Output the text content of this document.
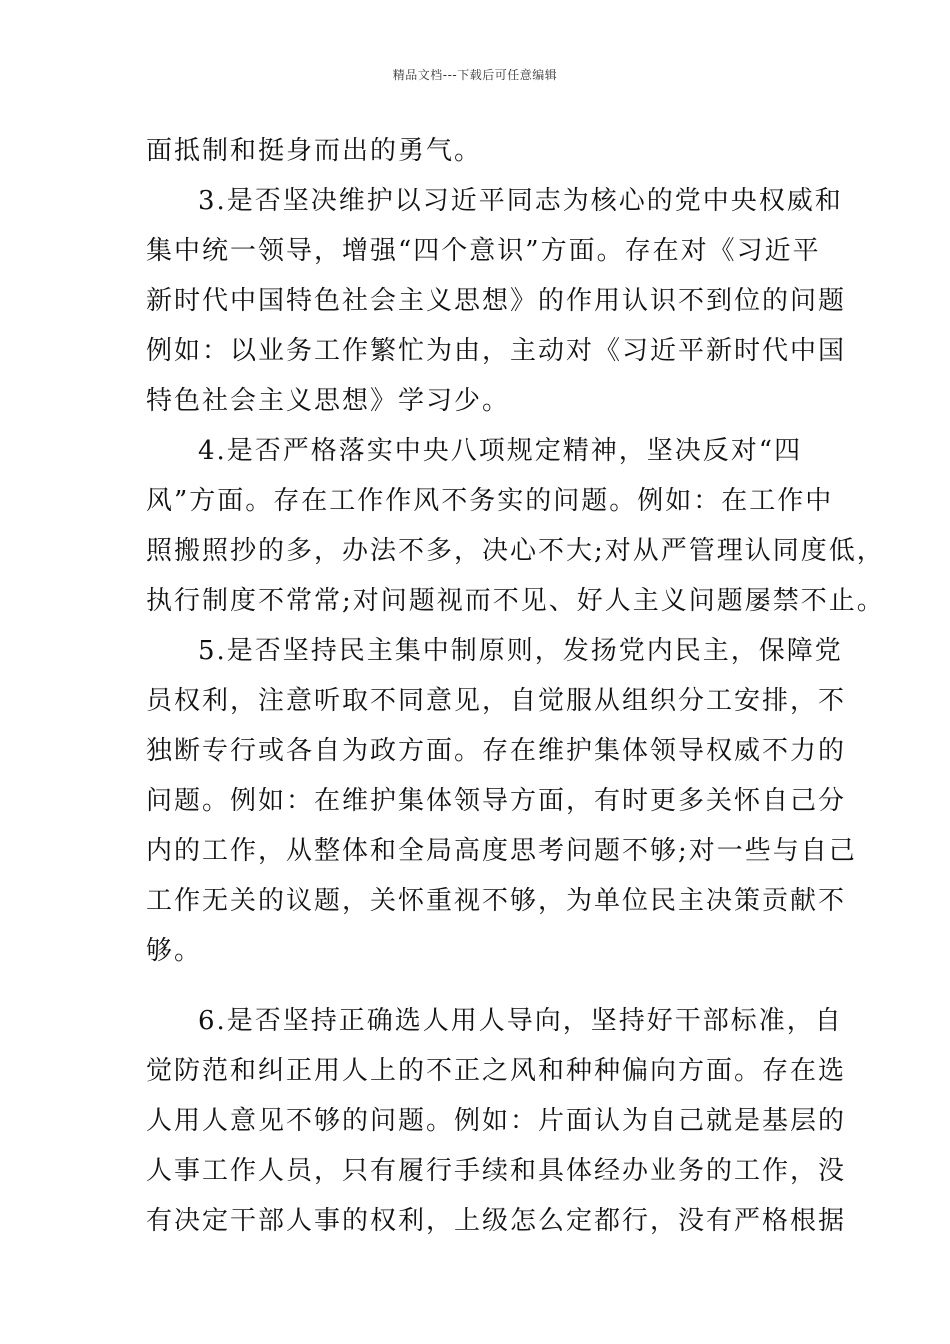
精品文档---下载后可任意编辑
面抵制和挺身而出的勇气。
3.是否坚决维护以习近平同志为核心的党中央权威和
集中统一领导，增强“四个意识”方面。存在对《习近平
新时代中国特色社会主义思想》的作用认识不到位的问题
例如：以业务工作繁忙为由，主动对《习近平新时代中国
特色社会主义思想》学习少。
4.是否严格落实中央八项规定精神，坚决反对“四
风”方面。存在工作作风不务实的问题。例如：在工作中
照搬照抄的多，办法不多，决心不大;对从严管理认同度低，
执行制度不常常;对问题视而不见、好人主义问题屡禁不止。
5.是否坚持民主集中制原则，发扬党内民主，保障党
员权利，注意听取不同意见，自觉服从组织分工安排，不
独断专行或各自为政方面。存在维护集体领导权威不力的
问题。例如：在维护集体领导方面，有时更多关怀自己分
内的工作，从整体和全局高度思考问题不够;对一些与自己
工作无关的议题，关怀重视不够，为单位民主决策贡献不
够。
6.是否坚持正确选人用人导向，坚持好干部标准，自
觉防范和纠正用人上的不正之风和种种偏向方面。存在选
人用人意见不够的问题。例如：片面认为自己就是基层的
人事工作人员，只有履行手续和具体经办业务的工作，没
有决定干部人事的权利，上级怎么定都行，没有严格根据
